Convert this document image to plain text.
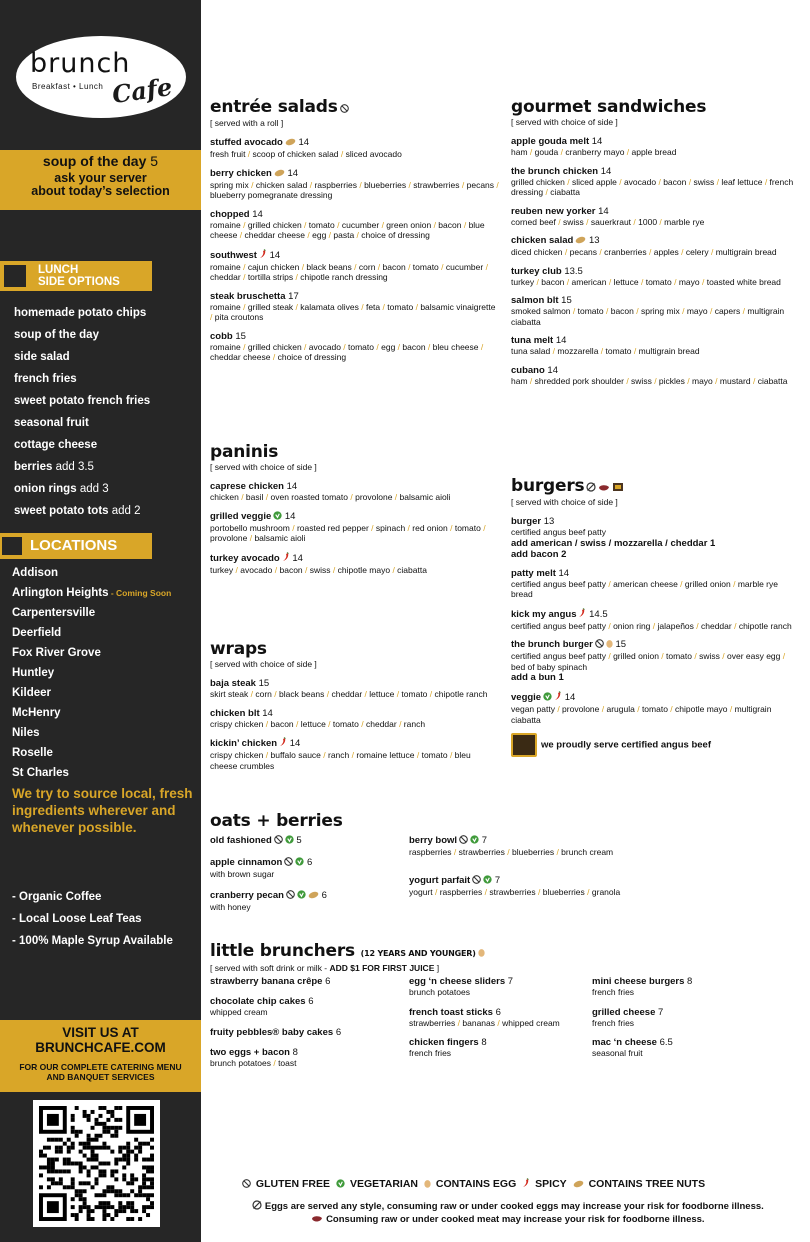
brunch
Breakfast • Lunch Cafe
soup of the day 5
ask your server
about today’s selection
LUNCH
SIDE OPTIONS
homemade potato chips
soup of the day
side salad
french fries
sweet potato french fries
seasonal fruit
cottage cheese
berries add 3.5
onion rings add 3
sweet potato tots add 2
LOCATIONS
Addison
Arlington Heights - Coming Soon
Carpentersville
Deerfield
Fox River Grove
Huntley
Kildeer
McHenry
Niles
Roselle
St Charles
We try to source local, fresh ingredients wherever and whenever possible.
- Organic Coffee
- Local Loose Leaf Teas
- 100% Maple Syrup Available
VISIT US AT
BRUNCHCAFE.COM
FOR OUR COMPLETE CATERING MENU
AND BANQUET SERVICES
entrée salads
[ served with a roll ]
stuffed avocado 14
fresh fruit / scoop of chicken salad / sliced avocado
berry chicken 14
spring mix / chicken salad / raspberries / blueberries / strawberries / pecans / blueberry pomegranate dressing
chopped 14
romaine / grilled chicken / tomato / cucumber / green onion / bacon / blue cheese / cheddar cheese / egg / pasta / choice of dressing
southwest 14
romaine / cajun chicken / black beans / corn / bacon / tomato / cucumber / cheddar / tortilla strips / chipotle ranch dressing
steak bruschetta 17
romaine / grilled steak / kalamata olives / feta / tomato / balsamic vinaigrette / pita croutons
cobb 15
romaine / grilled chicken / avocado / tomato / egg / bacon / bleu cheese / cheddar cheese / choice of dressing
paninis
[ served with choice of side ]
caprese chicken 14
chicken / basil / oven roasted tomato / provolone / balsamic aioli
grilled veggie 14
portobello mushroom / roasted red pepper / spinach / red onion / tomato / provolone / balsamic aioli
turkey avocado 14
turkey / avocado / bacon / swiss / chipotle mayo / ciabatta
wraps
[ served with choice of side ]
baja steak 15
skirt steak / corn / black beans / cheddar / lettuce / tomato / chipotle ranch
chicken blt 14
crispy chicken / bacon / lettuce / tomato / cheddar / ranch
kickin’ chicken 14
crispy chicken / buffalo sauce / ranch / romaine lettuce / tomato / bleu cheese crumbles
gourmet sandwiches
[ served with choice of side ]
apple gouda melt 14
ham / gouda / cranberry mayo / apple bread
the brunch chicken 14
grilled chicken / sliced apple / avocado / bacon / swiss / leaf lettuce / french dressing / ciabatta
reuben new yorker 14
corned beef / swiss / sauerkraut / 1000 / marble rye
chicken salad 13
diced chicken / pecans / cranberries / apples / celery / multigrain bread
turkey club 13.5
turkey / bacon / american / lettuce / tomato / mayo / toasted white bread
salmon blt 15
smoked salmon / tomato / bacon / spring mix / mayo / capers / multigrain ciabatta
tuna melt 14
tuna salad / mozzarella / tomato / multigrain bread
cubano 14
ham / shredded pork shoulder / swiss / pickles / mayo / mustard / ciabatta
burgers
[ served with choice of side ]
burger 13
certified angus beef patty
add american / swiss / mozzarella / cheddar 1
add bacon 2
patty melt 14
certified angus beef patty / american cheese / grilled onion / marble rye bread
kick my angus 14.5
certified angus beef patty / onion ring / jalapeños / cheddar / chipotle ranch
the brunch burger 15
certified angus beef patty / grilled onion / tomato / swiss / over easy egg / bed of baby spinach
add a bun 1
veggie 14
vegan patty / provolone / arugula / tomato / chipotle mayo / multigrain ciabatta
we proudly serve certified angus beef
oats + berries
old fashioned	5
apple cinnamon	6
with brown sugar
cranberry pecan	6
with honey
berry bowl	7
raspberries / strawberries / blueberries / brunch cream
yogurt parfait	7
yogurt / raspberries / strawberries / blueberries / granola
little brunchers (12 YEARS AND YOUNGER)
[ served with soft drink or milk - ADD $1 FOR FIRST JUICE ]
strawberry banana crêpe 6
chocolate chip cakes 6
whipped cream
fruity pebbles® baby cakes 6
two eggs + bacon 8
brunch potatoes / toast
egg ‘n cheese sliders 7
brunch potatoes
french toast sticks 6
strawberries / bananas / whipped cream
chicken fingers 8
french fries
mini cheese burgers 8
french fries
grilled cheese 7
french fries
mac ‘n cheese 6.5
seasonal fruit
GLUTEN FREE VEGETARIAN CONTAINS EGG SPICY CONTAINS TREE NUTS
Eggs are served any style, consuming raw or under cooked eggs may increase your risk for foodborne illness.
Consuming raw or under cooked meat may increase your risk for foodborne illness.
